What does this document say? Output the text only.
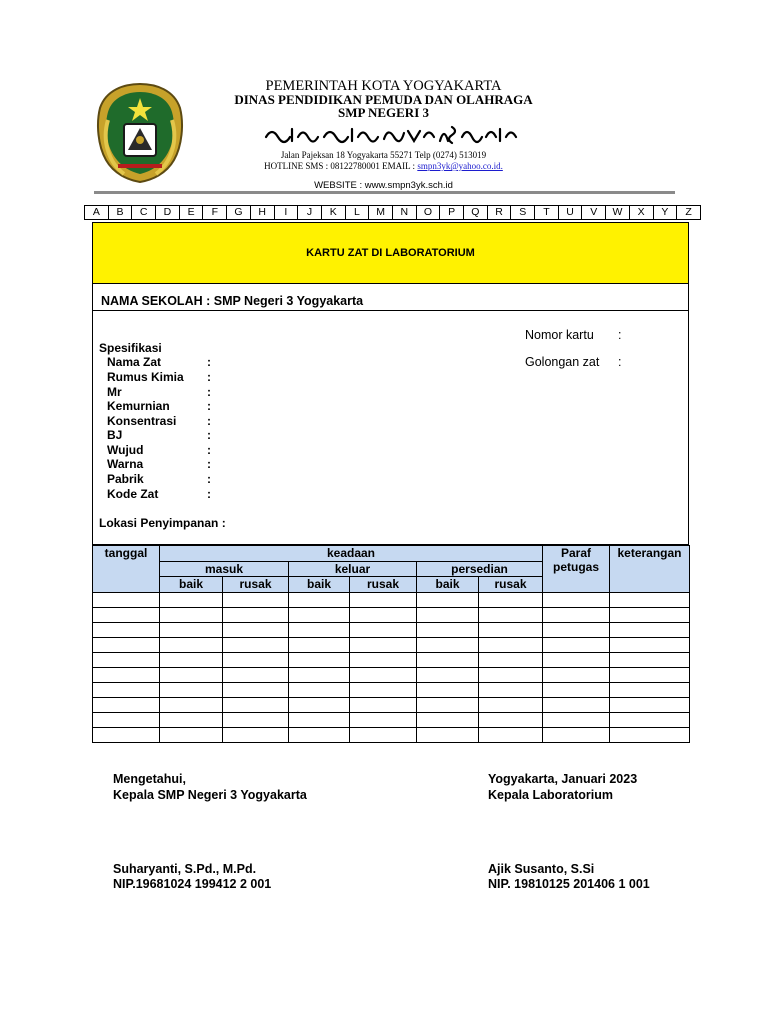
PEMERINTAH KOTA YOGYAKARTA
DINAS PENDIDIKAN PEMUDA DAN OLAHRAGA
SMP NEGERI 3
Jalan Pajeksan 18 Yogyakarta 55271 Telp (0274) 513019
HOTLINE SMS : 08122780001 EMAIL : smpn3yk@yahoo.co.id.
WEBSITE : www.smpn3yk.sch.id
A	B	C	D	E	F	G	H	I	J	K	L	M	N	O	P	Q	R	S	T	U	V	W	X	Y	Z
KARTU ZAT DI LABORATORIUM
NAMA SEKOLAH : SMP Negeri 3 Yogyakarta
Nomor kartu :
Golongan zat :
Spesifikasi
Nama Zat	:
Rumus Kimia :
Mr	:
Kemurnian	:
Konsentrasi	:
BJ	:
Wujud	:
Warna	:
Pabrik	:
Kode Zat	:
Lokasi Penyimpanan :
tanggal	keadaan						Paraf petugas	keterangan
	masuk		keluar		persedian			
	baik	rusak	baik	rusak	baik	rusak		

Mengetahui,
Kepala SMP Negeri 3 Yogyakarta
Suharyanti, S.Pd., M.Pd.
NIP.19681024 199412 2 001
Yogyakarta, Januari 2023
Kepala Laboratorium
Ajik Susanto, S.Si
NIP. 19810125 201406 1 001
